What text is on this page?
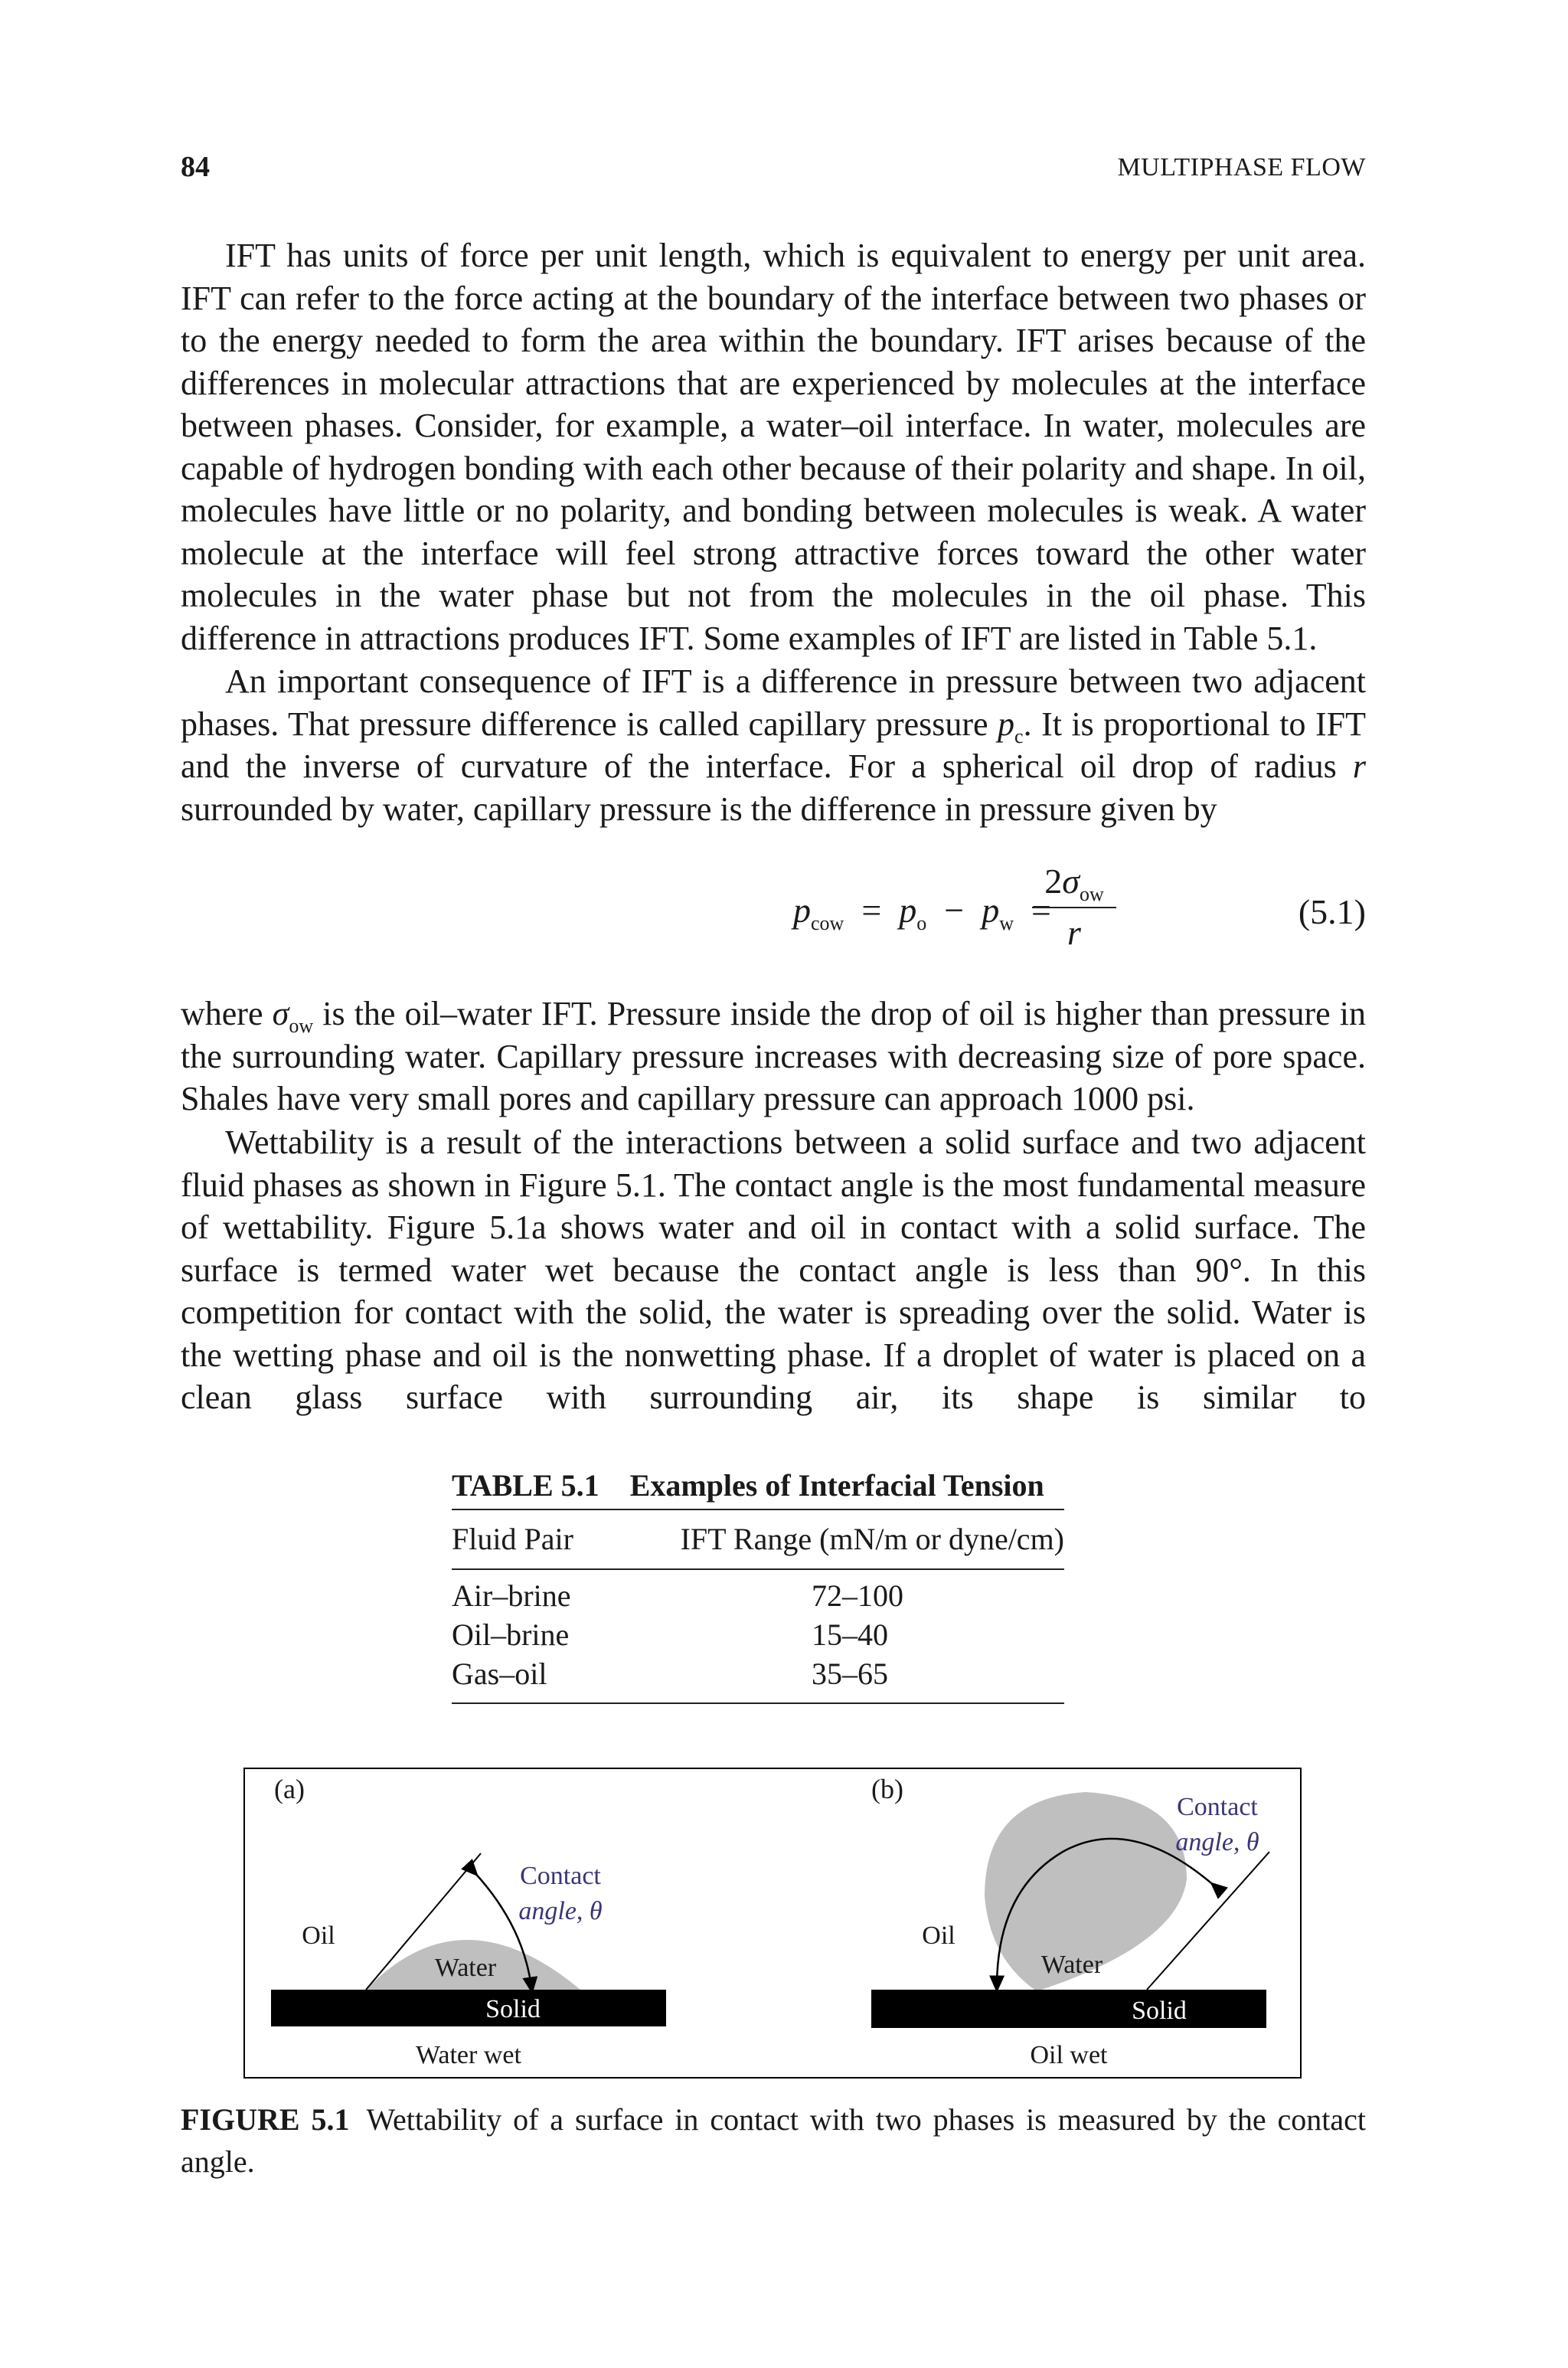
84	MULTIPHASE FLOW

IFT has units of force per unit length, which is equivalent to energy per unit area. IFT can refer to the force acting at the boundary of the interface between two phases or to the energy needed to form the area within the boundary. IFT arises because of the differences in molecular attractions that are experienced by molecules at the interface between phases. Consider, for example, a water–oil interface. In water, molecules are capable of hydrogen bonding with each other because of their polarity and shape. In oil, molecules have little or no polarity, and bonding between molecules is weak. A water molecule at the interface will feel strong attractive forces toward the other water molecules in the water phase but not from the molecules in the oil phase. This difference in attractions produces IFT. Some examples of IFT are listed in Table 5.1.

An important consequence of IFT is a difference in pressure between two adjacent phases. That pressure difference is called capillary pressure $p_c$. It is proportional to IFT and the inverse of curvature of the interface. For a spherical oil drop of radius r surrounded by water, capillary pressure is the difference in pressure given by

$p_{cow} = p_o - p_w$ =
$2\sigma_{ow}$
r
(5.1)

where $\sigma_{ow}$ is the oil–water IFT. Pressure inside the drop of oil is higher than pressure in the surrounding water. Capillary pressure increases with decreasing size of pore space. Shales have very small pores and capillary pressure can approach 1000 psi.

Wettability is a result of the interactions between a solid surface and two adjacent fluid phases as shown in Figure 5.1. The contact angle is the most fundamental measure of wettability. Figure 5.1a shows water and oil in contact with a solid surface. The surface is termed water wet because the contact angle is less than 90°. In this competition for contact with the solid, the water is spreading over the solid. Water is the wetting phase and oil is the nonwetting phase. If a droplet of water is placed on a clean glass surface with surrounding air, its shape is similar to

TABLE 5.1 Examples of Interfacial Tension
Fluid Pair	IFT Range (mN/m or dyne/cm)
Air–brine	72–100
Oil–brine	15–40
Gas–oil	35–65
(a)
Solid
Water
Oil
Contact
angle, θ
Water wet
(b)
Solid
Water
Oil
Contact
angle, θ
Oil wet

FIGURE 5.1 Wettability of a surface in contact with two phases is measured by the contact angle.
